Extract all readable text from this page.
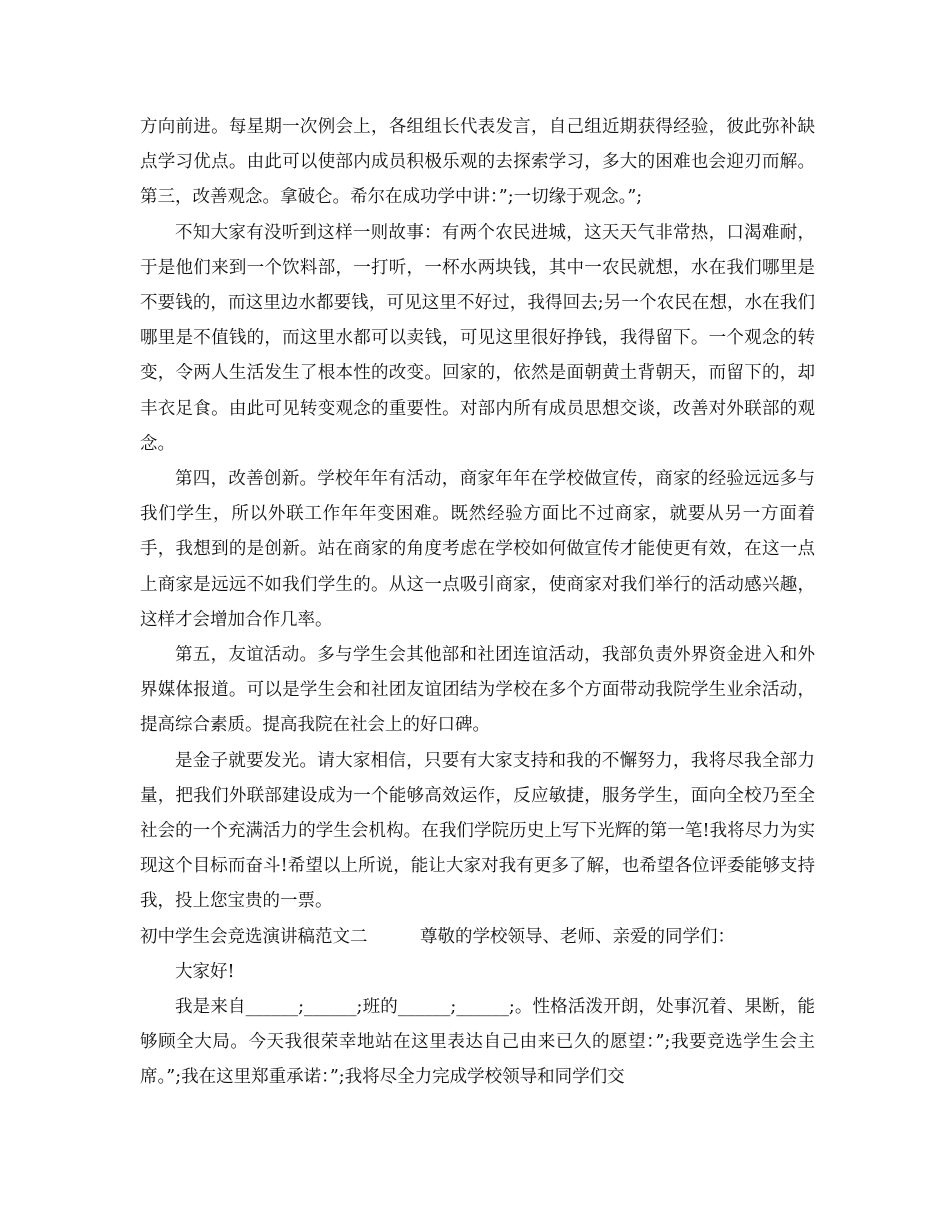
方向前进。每星期一次例会上，各组组长代表发言，自己组近期获得经验，彼此弥补缺点学习优点。由此可以使部内成员积极乐观的去探索学习，多大的困难也会迎刃而解。第三，改善观念。拿破仑。希尔在成功学中讲：”;一切缘于观念。”;

不知大家有没听到这样一则故事：有两个农民进城，这天天气非常热，口渴难耐，于是他们来到一个饮料部，一打听，一杯水两块钱，其中一农民就想，水在我们哪里是不要钱的，而这里边水都要钱，可见这里不好过，我得回去;另一个农民在想，水在我们哪里是不值钱的，而这里水都可以卖钱，可见这里很好挣钱，我得留下。一个观念的转变，令两人生活发生了根本性的改变。回家的，依然是面朝黄土背朝天，而留下的，却丰衣足食。由此可见转变观念的重要性。对部内所有成员思想交谈，改善对外联部的观念。

第四，改善创新。学校年年有活动，商家年年在学校做宣传，商家的经验远远多与我们学生，所以外联工作年年变困难。既然经验方面比不过商家，就要从另一方面着手，我想到的是创新。站在商家的角度考虑在学校如何做宣传才能使更有效，在这一点上商家是远远不如我们学生的。从这一点吸引商家，使商家对我们举行的活动感兴趣，这样才会增加合作几率。

第五，友谊活动。多与学生会其他部和社团连谊活动，我部负责外界资金进入和外界媒体报道。可以是学生会和社团友谊团结为学校在多个方面带动我院学生业余活动，提高综合素质。提高我院在社会上的好口碑。

是金子就要发光。请大家相信，只要有大家支持和我的不懈努力，我将尽我全部力量，把我们外联部建设成为一个能够高效运作，反应敏捷，服务学生，面向全校乃至全社会的一个充满活力的学生会机构。在我们学院历史上写下光辉的第一笔!我将尽力为实现这个目标而奋斗!希望以上所说，能让大家对我有更多了解，也希望各位评委能够支持我，投上您宝贵的一票。

初中学生会竞选演讲稿范文二　　　尊敬的学校领导、老师、亲爱的同学们：

大家好!

我是来自______;______;班的______;______;。性格活泼开朗，处事沉着、果断，能够顾全大局。今天我很荣幸地站在这里表达自己由来已久的愿望：”;我要竞选学生会主席。”;我在这里郑重承诺：”;我将尽全力完成学校领导和同学们交
